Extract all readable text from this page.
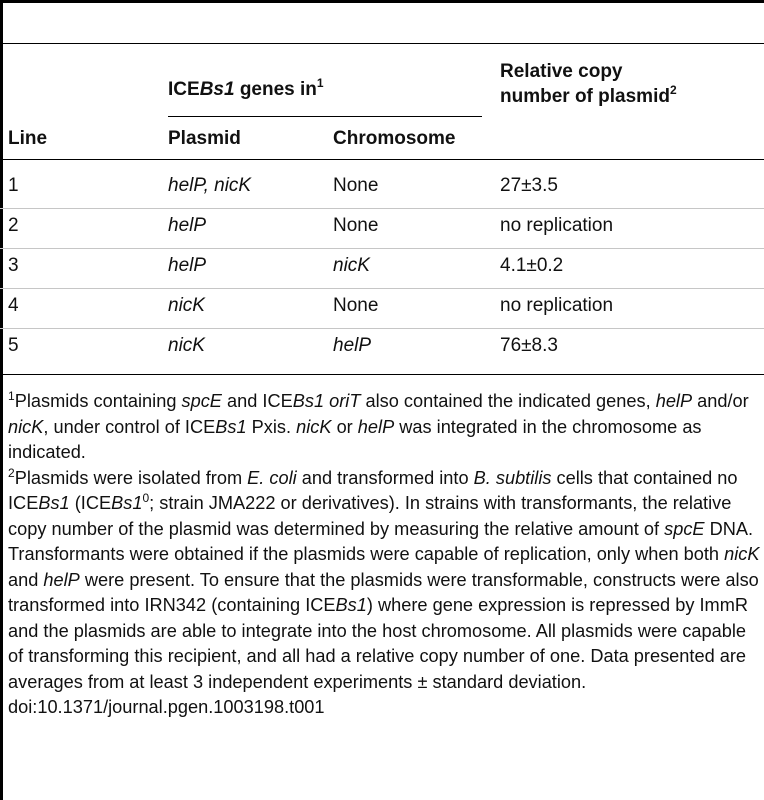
ICEBs1 genes $in^1$
Relative copy
number of plasmid$^2$
Line	Plasmid	Chromosome
1	helP, nicK	None	27±3.5
2	helP	None	no replication
3	helP	nicK	4.1±0.2
4	nicK	None	no replication
5	nicK	helP	76±8.3

$^1$Plasmids containing spcE and ICEBs1 oriT also contained the indicated genes, helP and/or nicK, under control of ICEBs1 Pxis. nicK or helP was integrated in the chromosome as indicated.

$^2$Plasmids were isolated from E. coli and transformed into B. subtilis cells that contained no ICEBs1 (ICEBs1$^0$; strain JMA222 or derivatives). In strains with transformants, the relative copy number of the plasmid was determined by measuring the relative amount of spcE DNA. Transformants were obtained if the plasmids were capable of replication, only when both nicK and helP were present. To ensure that the plasmids were transformable, constructs were also transformed into IRN342 (containing ICEBs1) where gene expression is repressed by ImmR and the plasmids are able to integrate into the host chromosome. All plasmids were capable of transforming this recipient, and all had a relative copy number of one. Data presented are averages from at least 3 independent experiments ± standard deviation.

doi:10.1371/journal.pgen.1003198.t001
